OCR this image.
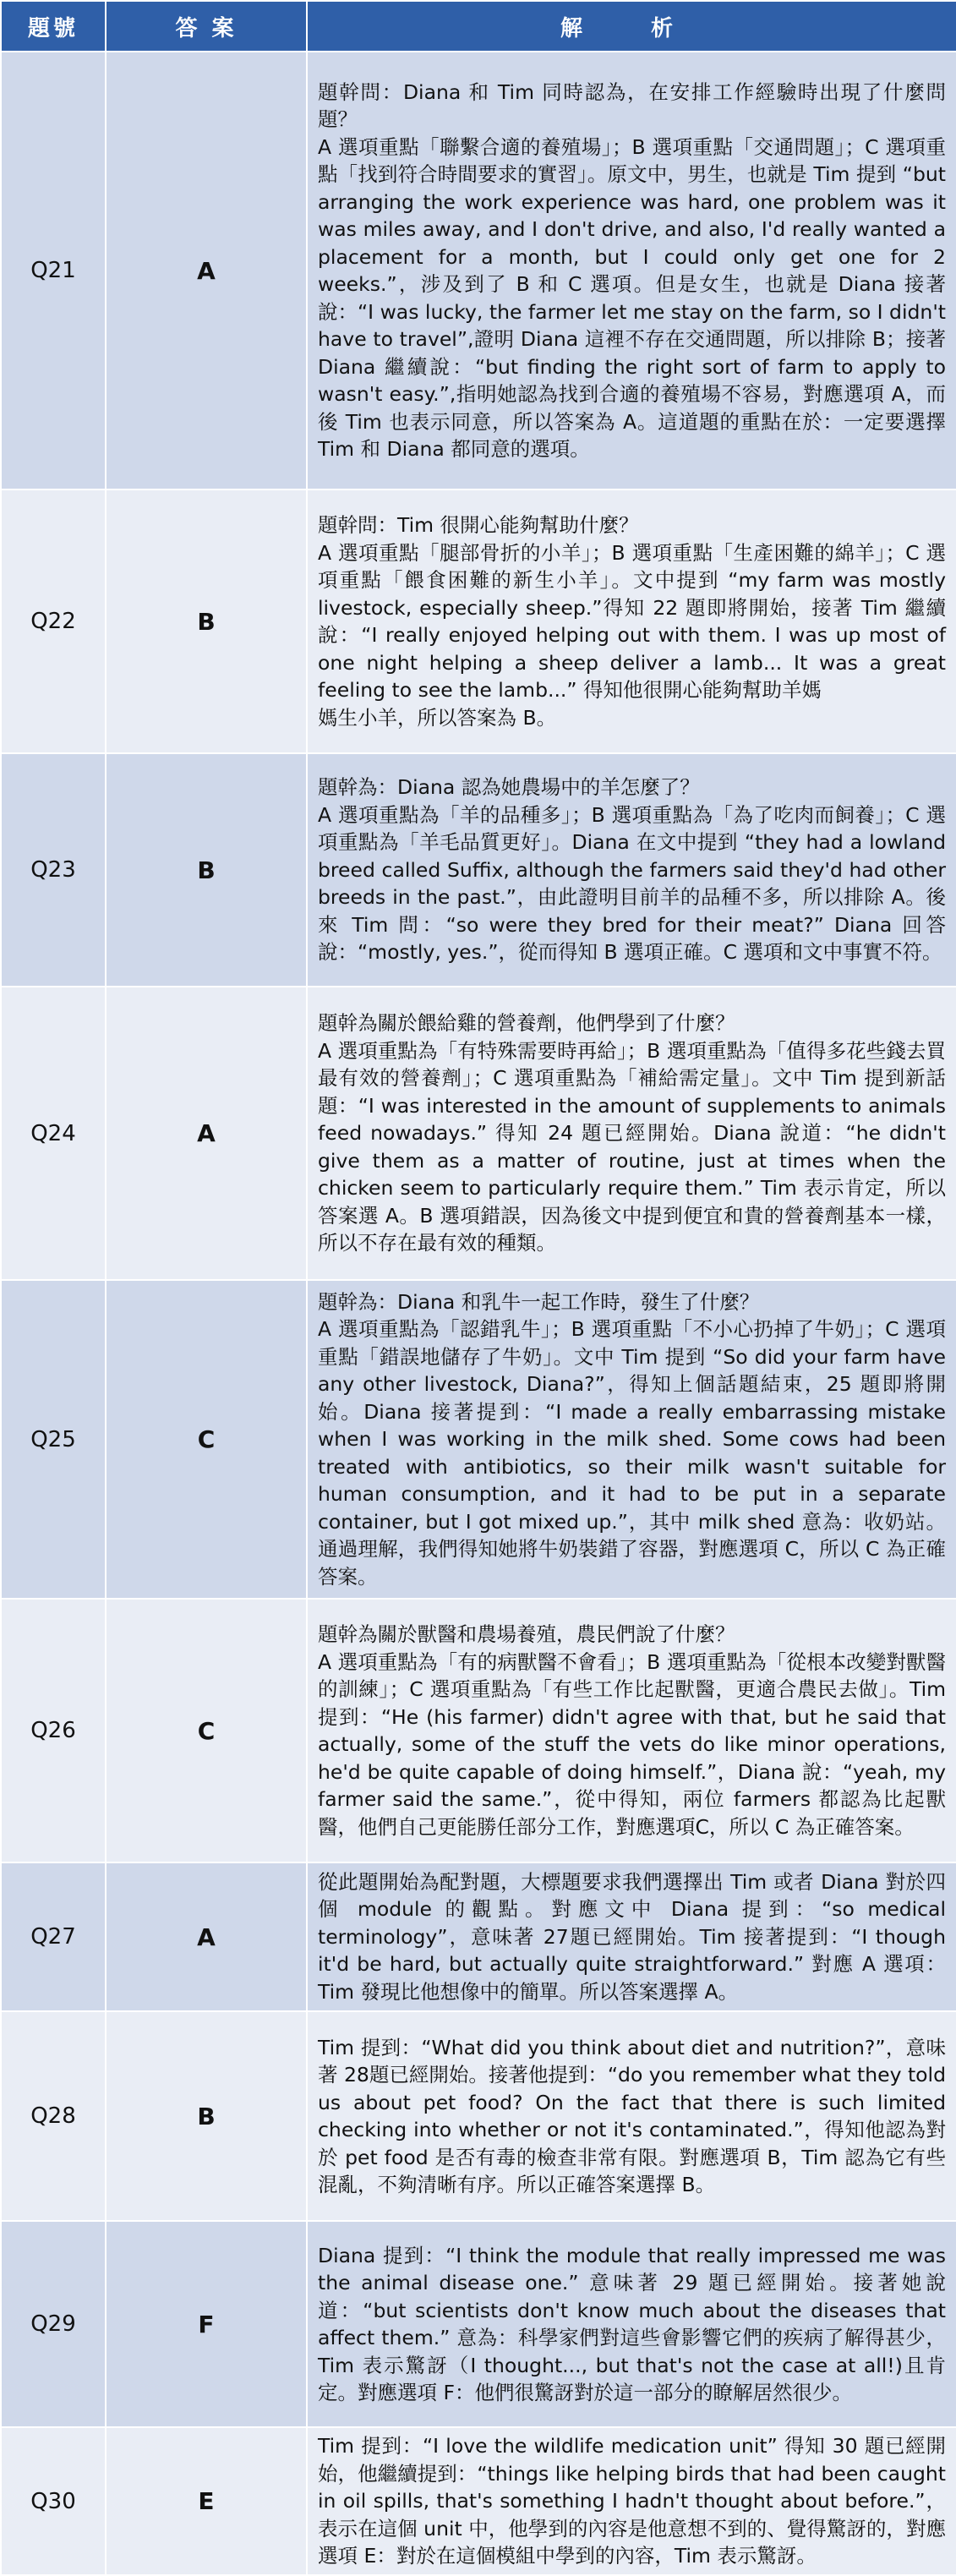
題號	答 案	解 析
Q21	A	題幹問：Diana 和 Tim 同時認為，在安排工作經驗時出現了什麼問題？
A 選項重點「聯繫合適的養殖場」；B 選項重點「交通問題」；C 選項重點「找到符合時間要求的實習」。原文中，男生，也就是 Tim 提到 “but arranging the work experience was hard, one problem was it was miles away, and I don't drive, and also, I'd really wanted a placement for a month, but I could only get one for 2 weeks.”，涉及到了 B 和 C 選項。但是女生，也就是 Diana 接著說：“I was lucky, the farmer let me stay on the farm, so I didn't have to travel”,證明 Diana 這裡不存在交通問題，所以排除 B；接著 Diana 繼續說：“but finding the right sort of farm to apply to wasn't easy.”,指明她認為找到合適的養殖場不容易，對應選項 A，而後 Tim 也表示同意，所以答案為 A。這道題的重點在於：一定要選擇 Tim 和 Diana 都同意的選項。
Q22	B	題幹問：Tim 很開心能夠幫助什麼？
A 選項重點「腿部骨折的小羊」；B 選項重點「生產困難的綿羊」；C 選項重點「餵食困難的新生小羊」。文中提到 “my farm was mostly livestock, especially sheep.”得知 22 題即將開始，接著 Tim 繼續說：“I really enjoyed helping out with them. I was up most of one night helping a sheep deliver a lamb... It was a great feeling to see the lamb...” 得知他很開心能夠幫助羊媽
媽生小羊，所以答案為 B。
Q23	B	題幹為：Diana 認為她農場中的羊怎麼了？
A 選項重點為「羊的品種多」；B 選項重點為「為了吃肉而飼養」；C 選項重點為「羊毛品質更好」。Diana 在文中提到 “they had a lowland breed called Suffix, although the farmers said they'd had other breeds in the past.”，由此證明目前羊的品種不多，所以排除 A。後來 Tim 問：“so were they bred for their meat?” Diana 回答說：“mostly, yes.”，從而得知 B 選項正確。C 選項和文中事實不符。
Q24	A	題幹為關於餵給雞的營養劑，他們學到了什麼？
A 選項重點為「有特殊需要時再給」；B 選項重點為「值得多花些錢去買最有效的營養劑」；C 選項重點為「補給需定量」。文中 Tim 提到新話題：“I was interested in the amount of supplements to animals feed nowadays.” 得知 24 題已經開始。Diana 說道：“he didn't give them as a matter of routine, just at times when the chicken seem to particularly require them.” Tim 表示肯定，所以答案選 A。B 選項錯誤，因為後文中提到便宜和貴的營養劑基本一樣，所以不存在最有效的種類。
Q25	C	題幹為：Diana 和乳牛一起工作時，發生了什麼？
A 選項重點為「認錯乳牛」；B 選項重點「不小心扔掉了牛奶」；C 選項重點「錯誤地儲存了牛奶」。文中 Tim 提到 “So did your farm have any other livestock, Diana?”，得知上個話題結束，25 題即將開始。Diana 接著提到：“I made a really embarrassing mistake when I was working in the milk shed. Some cows had been treated with antibiotics, so their milk wasn't suitable for human consumption, and it had to be put in a separate container, but I got mixed up.”，其中 milk shed 意為：收奶站。通過理解，我們得知她將牛奶裝錯了容器，對應選項 C，所以 C 為正確答案。
Q26	C	題幹為關於獸醫和農場養殖，農民們說了什麼？
A 選項重點為「有的病獸醫不會看」；B 選項重點為「從根本改變對獸醫的訓練」；C 選項重點為「有些工作比起獸醫，更適合農民去做」。Tim 提到：“He (his farmer) didn't agree with that, but he said that actually, some of the stuff the vets do like minor operations, he'd be quite capable of doing himself.”，Diana 說：“yeah, my farmer said the same.”，從中得知，兩位 farmers 都認為比起獸醫，他們自己更能勝任部分工作，對應選項C，所以 C 為正確答案。
Q27	A	從此題開始為配對題，大標題要求我們選擇出 Tim 或者 Diana 對於四個 module 的觀點。對應文中 Diana 提到：“so medical terminology”，意味著 27題已經開始。Tim 接著提到：“I though it'd be hard, but actually quite straightforward.” 對應 A 選項：Tim 發現比他想像中的簡單。所以答案選擇 A。
Q28	B	Tim 提到：“What did you think about diet and nutrition?”，意味著 28題已經開始。接著他提到：“do you remember what they told us about pet food? On the fact that there is such limited checking into whether or not it's contaminated.”，得知他認為對於 pet food 是否有毒的檢查非常有限。對應選項 B，Tim 認為它有些混亂，不夠清晰有序。所以正確答案選擇 B。
Q29	F	Diana 提到：“I think the module that really impressed me was the animal disease one.” 意味著 29 題已經開始。接著她說道：“but scientists don't know much about the diseases that affect them.” 意為：科學家們對這些會影響它們的疾病了解得甚少，Tim 表示驚訝（I thought..., but that's not the case at all!)且肯定。對應選項 F：他們很驚訝對於這一部分的瞭解居然很少。
Q30	E	Tim 提到：“I love the wildlife medication unit” 得知 30 題已經開始，他繼續提到：“things like helping birds that had been caught in oil spills, that's something I hadn't thought about before.”，表示在這個 unit 中，他學到的內容是他意想不到的、覺得驚訝的，對應選項 E：對於在這個模組中學到的內容，Tim 表示驚訝。
